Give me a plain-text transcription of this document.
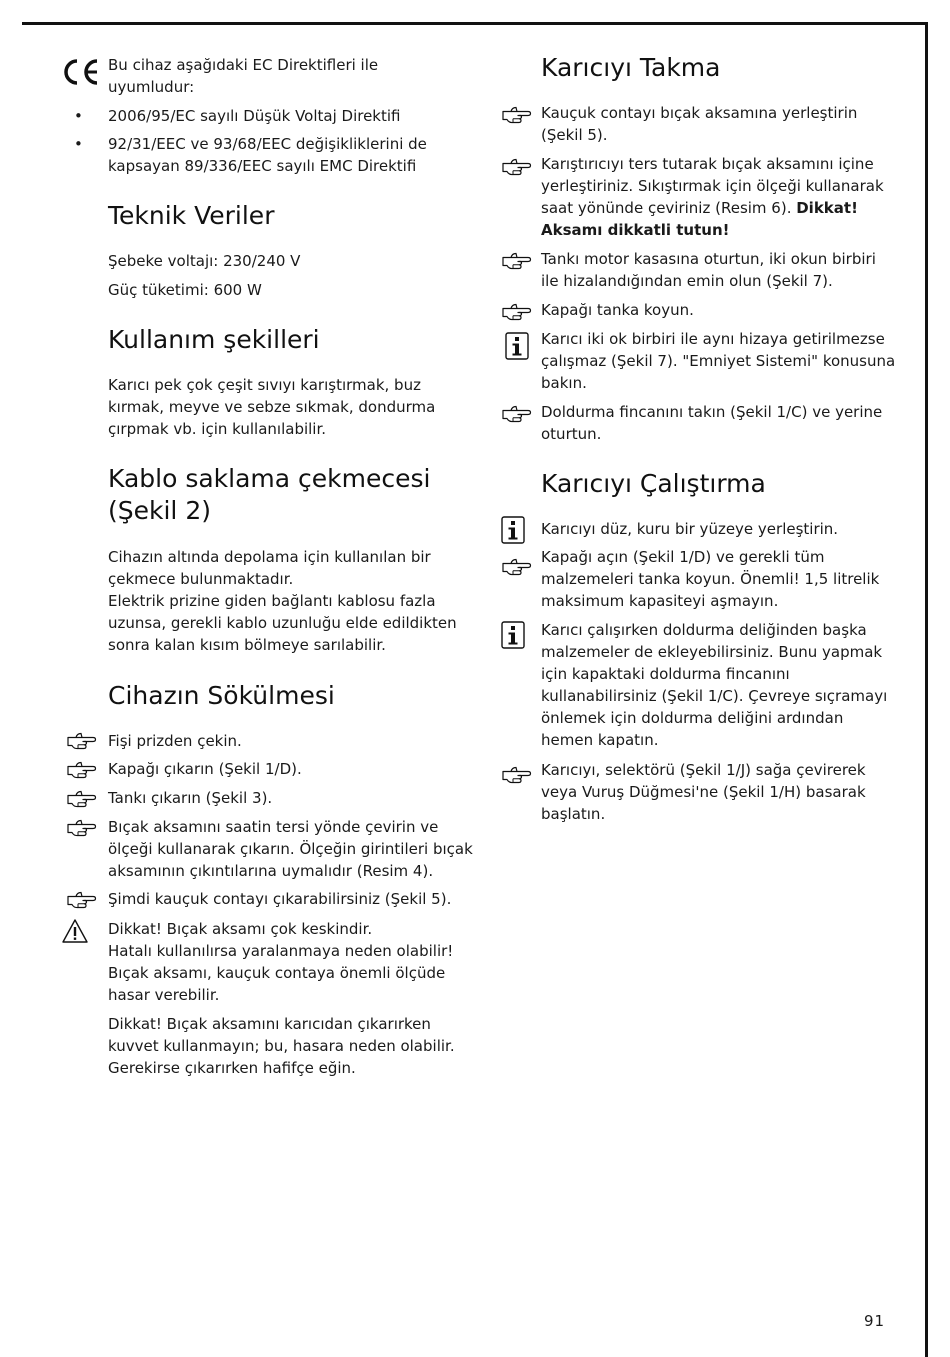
Bu cihaz aşağıdaki EC Direktifleri ile
uyumludur:

• 2006/95/EC sayılı Düşük Voltaj Direktifi

• 92/31/EEC ve 93/68/EEC değişikliklerini de
kapsayan 89/336/EEC sayılı EMC Direktifi

Teknik Veriler

Şebeke voltajı: 230/240 V

Güç tüketimi: 600 W

Kullanım şekilleri

Karıcı pek çok çeşit sıvıyı karıştırmak, buz
kırmak, meyve ve sebze sıkmak, dondurma
çırpmak vb. için kullanılabilir.

Kablo saklama çekmecesi
(Şekil 2)

Cihazın altında depolama için kullanılan bir
çekmece bulunmaktadır.
Elektrik prizine giden bağlantı kablosu fazla
uzunsa, gerekli kablo uzunluğu elde edildikten
sonra kalan kısım bölmeye sarılabilir.

Cihazın Sökülmesi

Fişi prizden çekin.

Kapağı çıkarın (Şekil 1/D).

Tankı çıkarın (Şekil 3).

Bıçak aksamını saatin tersi yönde çevirin ve
ölçeği kullanarak çıkarın. Ölçeğin girintileri bıçak
aksamının çıkıntılarına uymalıdır (Resim 4).

Şimdi kauçuk contayı çıkarabilirsiniz (Şekil 5).

Dikkat! Bıçak aksamı çok keskindir.
Hatalı kullanılırsa yaralanmaya neden olabilir!
Bıçak aksamı, kauçuk contaya önemli ölçüde
hasar verebilir.

Dikkat! Bıçak aksamını karıcıdan çıkarırken
kuvvet kullanmayın; bu, hasara neden olabilir.
Gerekirse çıkarırken hafifçe eğin.

Karıcıyı Takma

Kauçuk contayı bıçak aksamına yerleştirin
(Şekil 5).

Karıştırıcıyı ters tutarak bıçak aksamını içine
yerleştiriniz. Sıkıştırmak için ölçeği kullanarak
saat yönünde çeviriniz (Resim 6). Dikkat!
Aksamı dikkatli tutun!

Tankı motor kasasına oturtun, iki okun birbiri
ile hizalandığından emin olun (Şekil 7).

Kapağı tanka koyun.

Karıcı iki ok birbiri ile aynı hizaya getirilmezse
çalışmaz (Şekil 7). "Emniyet Sistemi" konusuna
bakın.

Doldurma fincanını takın (Şekil 1/C) ve yerine
oturtun.

Karıcıyı Çalıştırma

Karıcıyı düz, kuru bir yüzeye yerleştirin.

Kapağı açın (Şekil 1/D) ve gerekli tüm
malzemeleri tanka koyun. Önemli! 1,5 litrelik
maksimum kapasiteyi aşmayın.

Karıcı çalışırken doldurma deliğinden başka
malzemeler de ekleyebilirsiniz. Bunu yapmak
için kapaktaki doldurma fincanını
kullanabilirsiniz (Şekil 1/C). Çevreye sıçramayı
önlemek için doldurma deliğini ardından
hemen kapatın.

Karıcıyı, selektörü (Şekil 1/J) sağa çevirerek
veya Vuruş Düğmesi'ne (Şekil 1/H) basarak
başlatın.

91
